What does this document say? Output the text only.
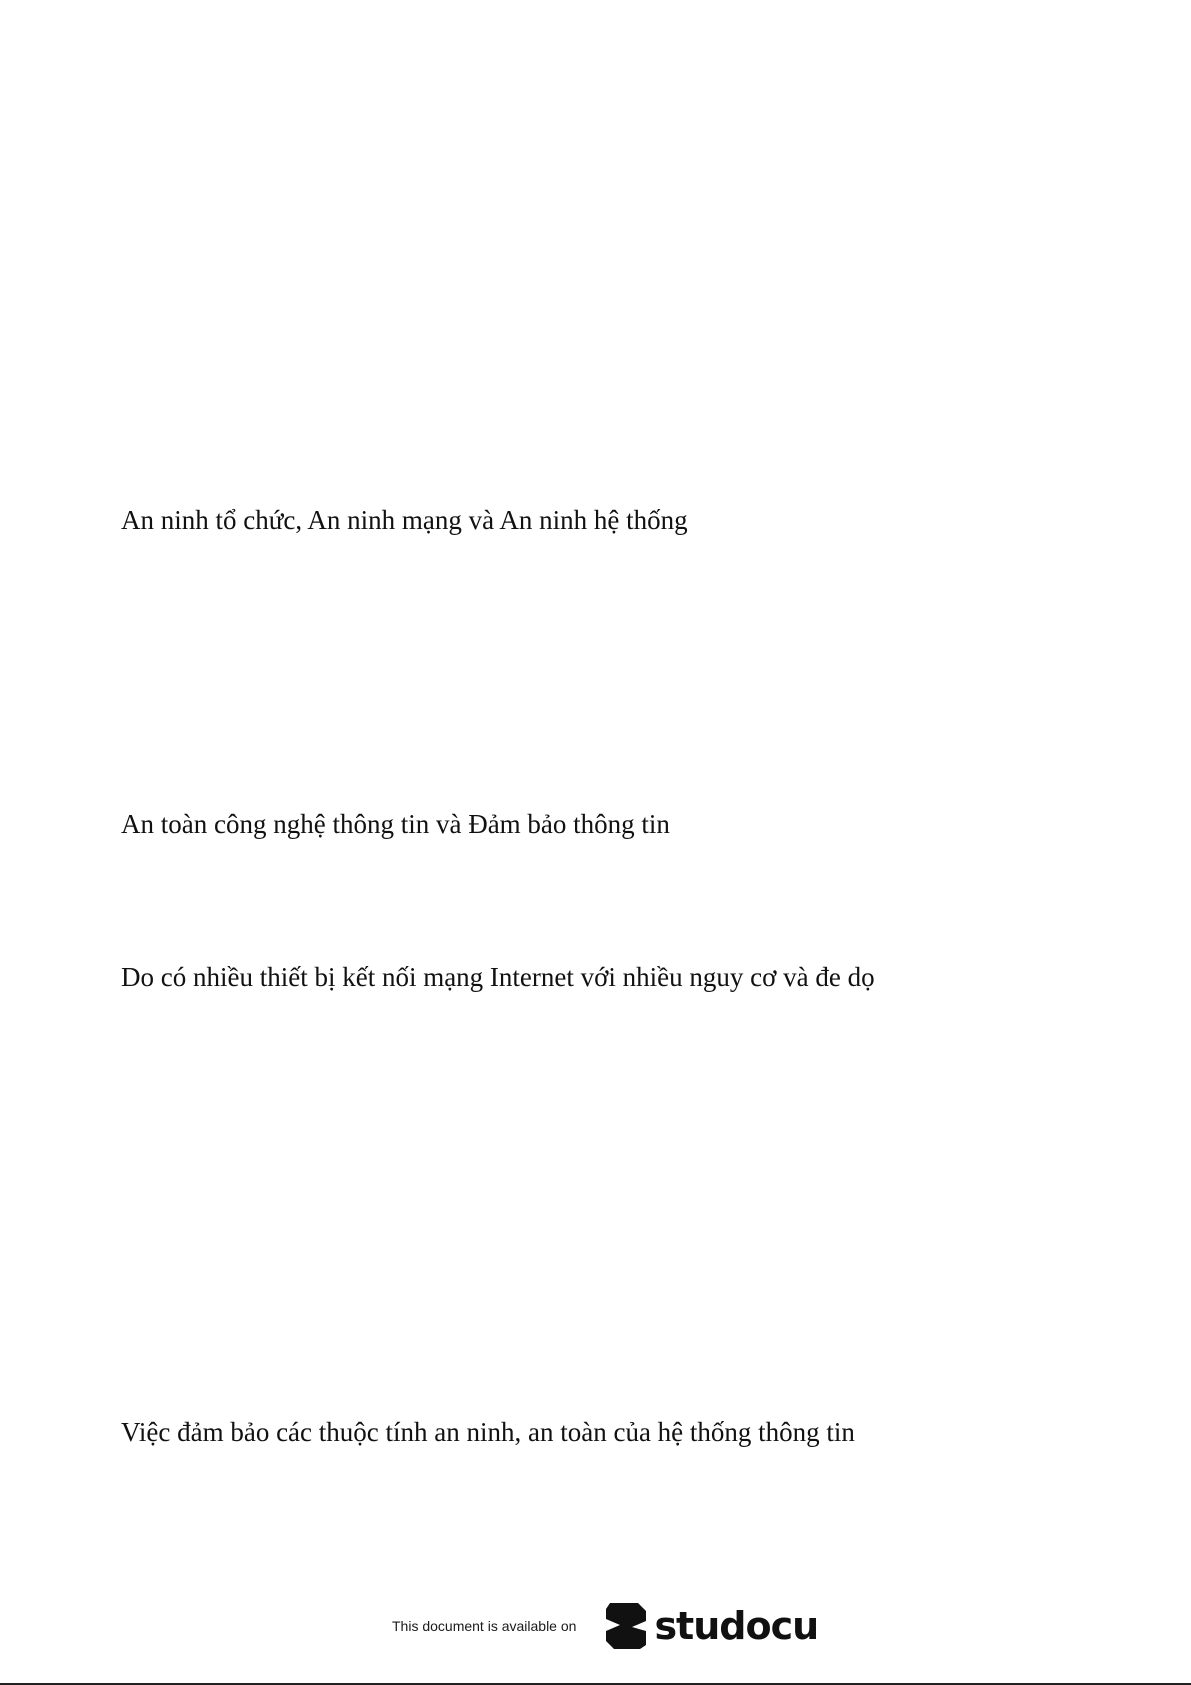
An ninh tổ chức, An ninh mạng và An ninh hệ thống
An toàn công nghệ thông tin và Đảm bảo thông tin
Do có nhiều thiết bị kết nối mạng Internet với nhiều nguy cơ và đe dọ
Việc đảm bảo các thuộc tính an ninh, an toàn của hệ thống thông tin
This document is available on studocu
